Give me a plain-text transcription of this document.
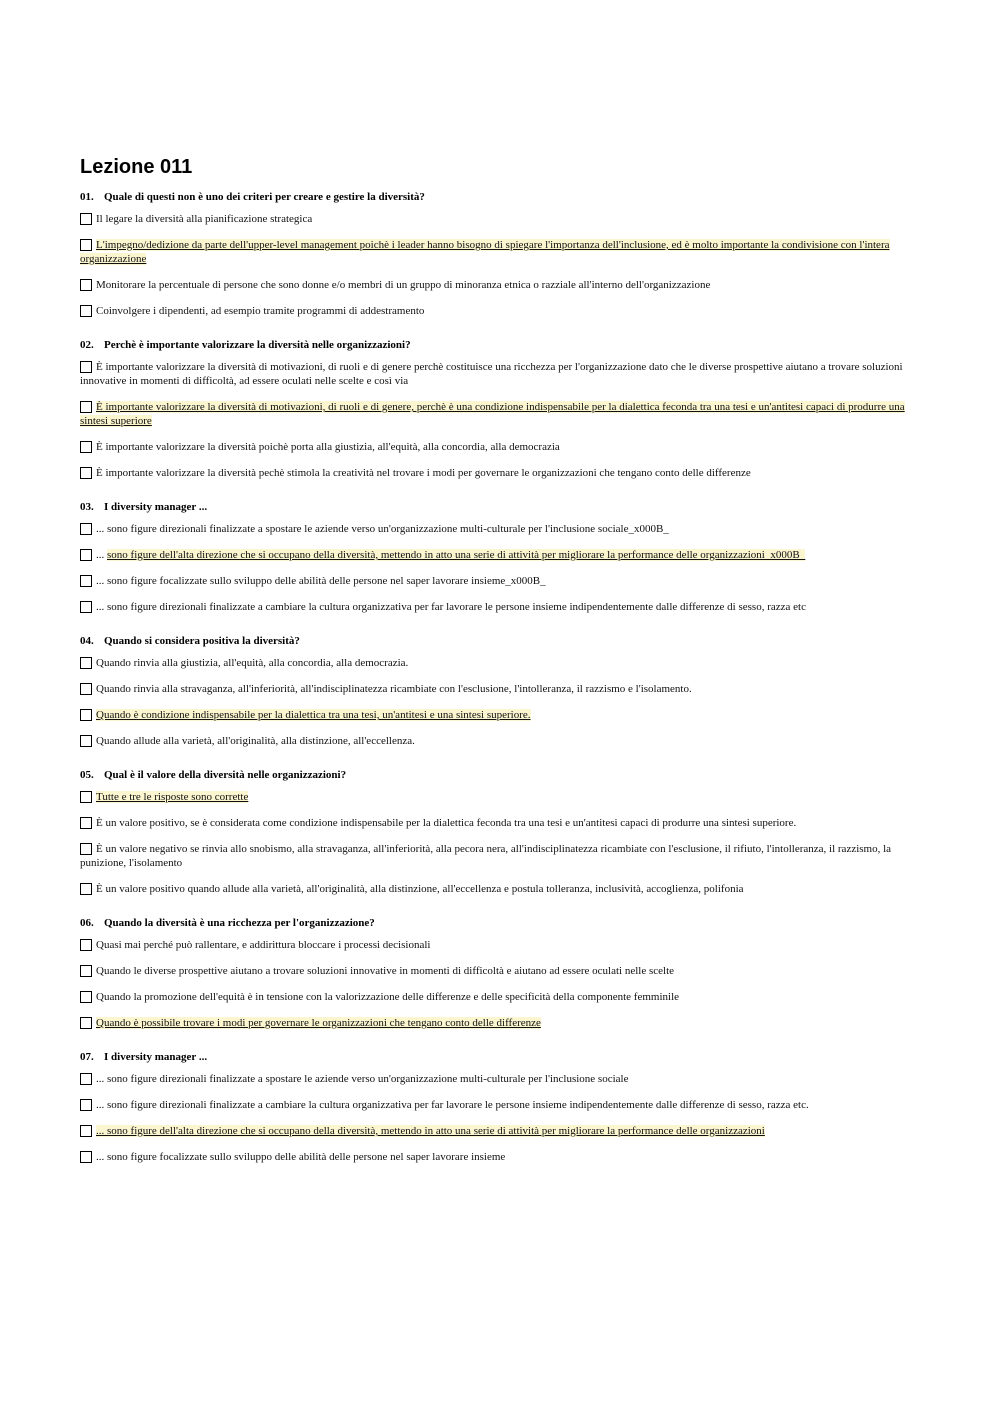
Lezione 011
01. Quale di questi non è uno dei criteri per creare e gestire la diversità?
Il legare la diversità alla pianificazione strategica
L'impegno/dedizione da parte dell'upper-level management poichè i leader hanno bisogno di spiegare l'importanza dell'inclusione, ed è molto importante la condivisione con l'intera organizzazione
Monitorare la percentuale di persone che sono donne e/o membri di un gruppo di minoranza etnica o razziale all'interno dell'organizzazione
Coinvolgere i dipendenti, ad esempio tramite programmi di addestramento
02. Perchè è importante valorizzare la diversità nelle organizzazioni?
È importante valorizzare la diversità di motivazioni, di ruoli e di genere perchè costituisce una ricchezza per l'organizzazione dato che le diverse prospettive aiutano a trovare soluzioni innovative in momenti di difficoltà, ad essere oculati nelle scelte e così via
È importante valorizzare la diversità di motivazioni, di ruoli e di genere, perchè è una condizione indispensabile per la dialettica feconda tra una tesi e un'antitesi capaci di produrre una sintesi superiore
È importante valorizzare la diversità poichè porta alla giustizia, all'equità, alla concordia, alla democrazia
È importante valorizzare la diversità pechè stimola la creatività nel trovare i modi per governare le organizzazioni che tengano conto delle differenze
03. I diversity manager ...
... sono figure direzionali finalizzate a spostare le aziende verso un'organizzazione multi-culturale per l'inclusione sociale_x000B_
... sono figure dell'alta direzione che si occupano della diversità, mettendo in atto una serie di attività per migliorare la performance delle organizzazioni_x000B_
... sono figure focalizzate sullo sviluppo delle abilità delle persone nel saper lavorare insieme_x000B_
... sono figure direzionali finalizzate a cambiare la cultura organizzativa per far lavorare le persone insieme indipendentemente dalle differenze di sesso, razza etc
04. Quando si considera positiva la diversità?
Quando rinvia alla giustizia, all'equità, alla concordia, alla democrazia.
Quando rinvia alla stravaganza, all'inferiorità, all'indisciplinatezza ricambiate con l'esclusione, l'intolleranza, il razzismo e l'isolamento.
Quando è condizione indispensabile per la dialettica tra una tesi, un'antitesi e una sintesi superiore.
Quando allude alla varietà, all'originalità, alla distinzione, all'eccellenza.
05. Qual è il valore della diversità nelle organizzazioni?
Tutte e tre le risposte sono corrette
È un valore positivo, se è considerata come condizione indispensabile per la dialettica feconda tra una tesi e un'antitesi capaci di produrre una sintesi superiore.
È un valore negativo se rinvia allo snobismo, alla stravaganza, all'inferiorità, alla pecora nera, all'indisciplinatezza ricambiate con l'esclusione, il rifiuto, l'intolleranza, il razzismo, la punizione, l'isolamento
È un valore positivo quando allude alla varietà, all'originalità, alla distinzione, all'eccellenza e postula tolleranza, inclusività, accoglienza, polifonia
06. Quando la diversità è una ricchezza per l'organizzazione?
Quasi mai perché può rallentare, e addirittura bloccare i processi decisionali
Quando le diverse prospettive aiutano a trovare soluzioni innovative in momenti di difficoltà e aiutano ad essere oculati nelle scelte
Quando la promozione dell'equità è in tensione con la valorizzazione delle differenze e delle specificità della componente femminile
Quando è possibile trovare i modi per governare le organizzazioni che tengano conto delle differenze
07. I diversity manager ...
... sono figure direzionali finalizzate a spostare le aziende verso un'organizzazione multi-culturale per l'inclusione sociale
... sono figure direzionali finalizzate a cambiare la cultura organizzativa per far lavorare le persone insieme indipendentemente dalle differenze di sesso, razza etc.
... sono figure dell'alta direzione che si occupano della diversità, mettendo in atto una serie di attività per migliorare la performance delle organizzazioni
... sono figure focalizzate sullo sviluppo delle abilità delle persone nel saper lavorare insieme
